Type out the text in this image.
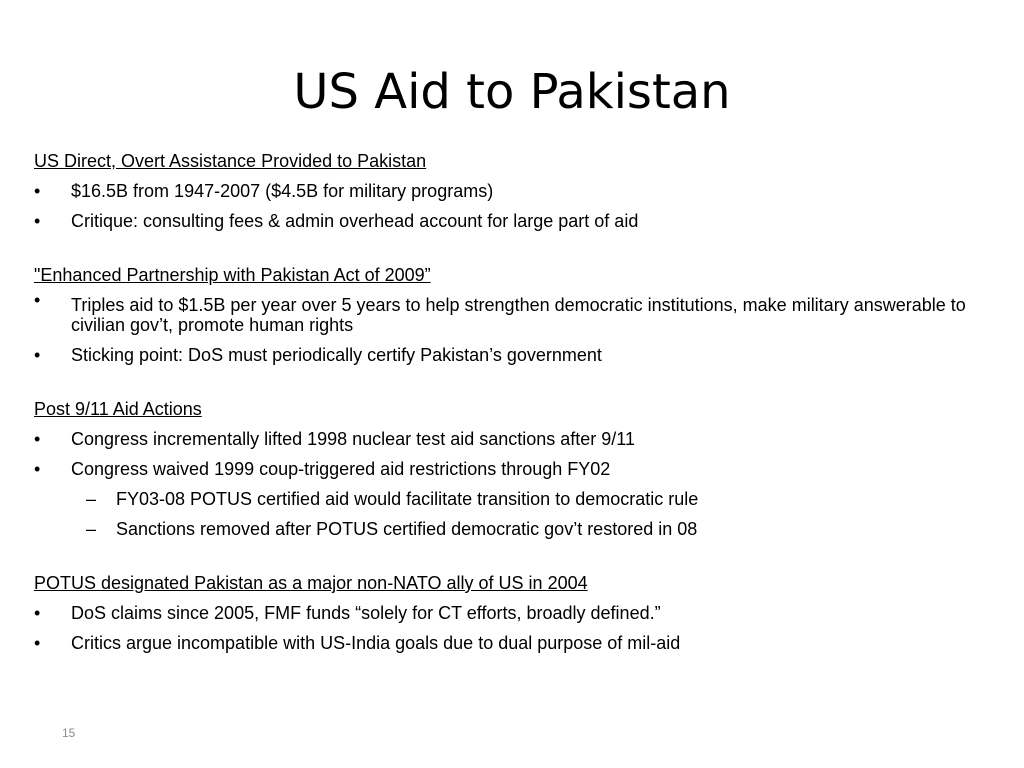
US Aid to Pakistan
US Direct, Overt Assistance Provided to Pakistan
• $16.5B from 1947-2007 ($4.5B for military programs)
• Critique: consulting fees & admin overhead account for large part of aid
"Enhanced Partnership with Pakistan Act of 2009”
• Triples aid to $1.5B per year over 5 years to help strengthen democratic institutions, make military answerable to civilian gov’t, promote human rights
• Sticking point: DoS must periodically certify Pakistan’s government
Post 9/11 Aid Actions
• Congress incrementally lifted 1998 nuclear test aid sanctions after 9/11
• Congress waived 1999 coup-triggered aid restrictions through FY02
– FY03-08 POTUS certified aid would facilitate transition to democratic rule
– Sanctions removed after POTUS certified democratic gov’t restored in 08
POTUS designated Pakistan as a major non-NATO ally of US in 2004
• DoS claims since 2005, FMF funds “solely for CT efforts, broadly defined.”
• Critics argue incompatible with US-India goals due to dual purpose of mil-aid
15
